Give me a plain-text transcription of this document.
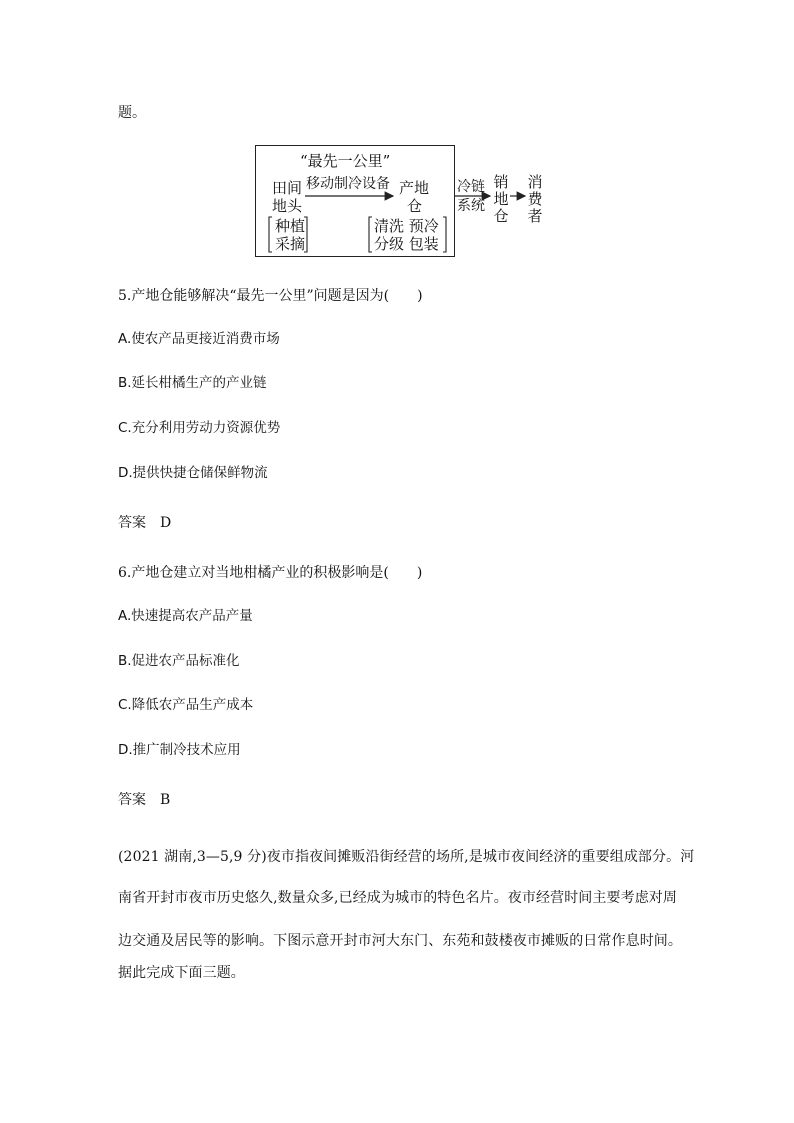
题。
“最先一公里”
田间
地头
移动制冷设备 产地
仓
种植
采摘
清洗 预冷
分级 包装
冷链
系统
销地仓
消费者
5.产地仓能够解决“最先一公里”问题是因为(　　)
A.使农产品更接近消费市场
B.延长柑橘生产的产业链
C.充分利用劳动力资源优势
D.提供快捷仓储保鲜物流
答案　D
6.产地仓建立对当地柑橘产业的积极影响是(　　)
A.快速提高农产品产量
B.促进农产品标准化
C.降低农产品生产成本
D.推广制冷技术应用
答案　B
(2021 湖南,3—5,9 分)夜市指夜间摊贩沿街经营的场所,是城市夜间经济的重要组成部分。河
南省开封市夜市历史悠久,数量众多,已经成为城市的特色名片。夜市经营时间主要考虑对周
边交通及居民等的影响。下图示意开封市河大东门、东苑和鼓楼夜市摊贩的日常作息时间。
据此完成下面三题。
